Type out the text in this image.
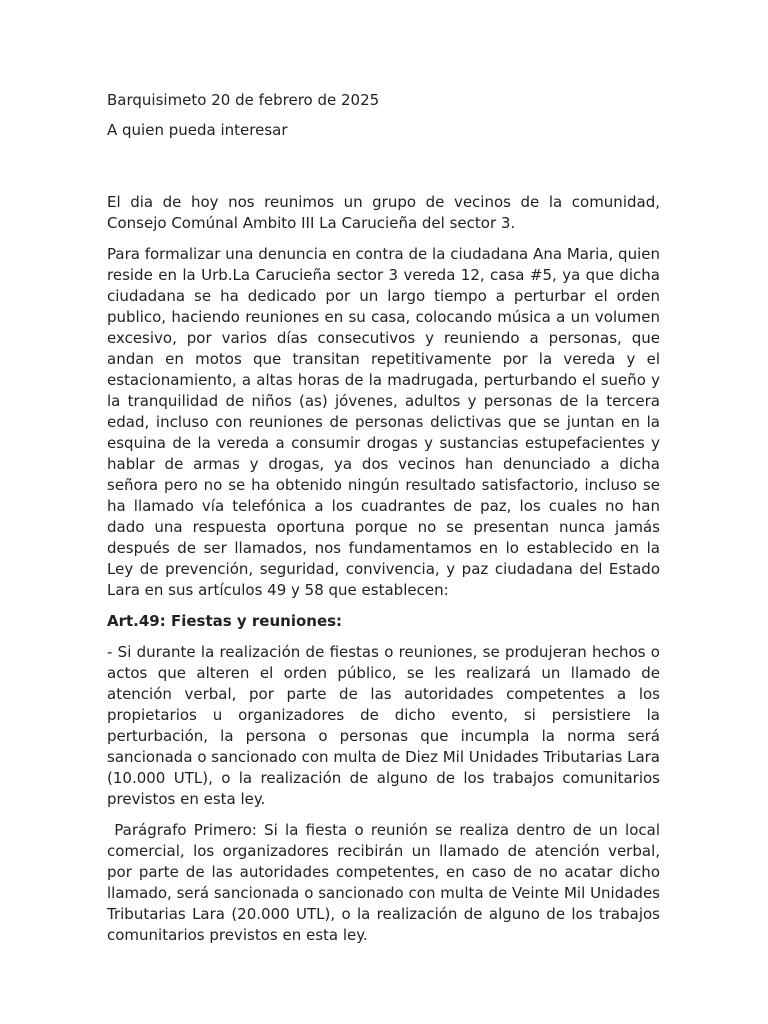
Barquisimeto 20 de febrero de 2025

A quien pueda interesar

El dia de hoy nos reunimos un grupo de vecinos de la comunidad, Consejo Comúnal Ambito III La Carucieña del sector 3.

Para formalizar una denuncia en contra de la ciudadana Ana Maria, quien reside en la Urb.La Carucieña sector 3 vereda 12, casa #5, ya que dicha ciudadana se ha dedicado por un largo tiempo a perturbar el orden publico, haciendo reuniones en su casa, colocando música a un volumen excesivo, por varios días consecutivos y reuniendo a personas, que andan en motos que transitan repetitivamente por la vereda y el estacionamiento, a altas horas de la madrugada, perturbando el sueño y la tranquilidad de niños (as) jóvenes, adultos y personas de la tercera edad, incluso con reuniones de personas delictivas que se juntan en la esquina de la vereda a consumir drogas y sustancias estupefacientes y hablar de armas y drogas, ya dos vecinos han denunciado a dicha señora pero no se ha obtenido ningún resultado satisfactorio, incluso se ha llamado vía telefónica a los cuadrantes de paz, los cuales no han dado una respuesta oportuna porque no se presentan nunca jamás después de ser llamados, nos fundamentamos en lo establecido en la Ley de prevención, seguridad, convivencia, y paz ciudadana del Estado Lara en sus artículos 49 y 58 que establecen:

Art.49: Fiestas y reuniones:

- Si durante la realización de fiestas o reuniones, se produjeran hechos o actos que alteren el orden público, se les realizará un llamado de atención verbal, por parte de las autoridades competentes a los propietarios u organizadores de dicho evento, si persistiere la perturbación, la persona o personas que incumpla la norma será sancionada o sancionado con multa de Diez Mil Unidades Tributarias Lara (10.000 UTL), o la realización de alguno de los trabajos comunitarios previstos en esta ley.

Parágrafo Primero: Si la fiesta o reunión se realiza dentro de un local comercial, los organizadores recibirán un llamado de atención verbal, por parte de las autoridades competentes, en caso de no acatar dicho llamado, será sancionada o sancionado con multa de Veinte Mil Unidades Tributarias Lara (20.000 UTL), o la realización de alguno de los trabajos comunitarios previstos en esta ley.
